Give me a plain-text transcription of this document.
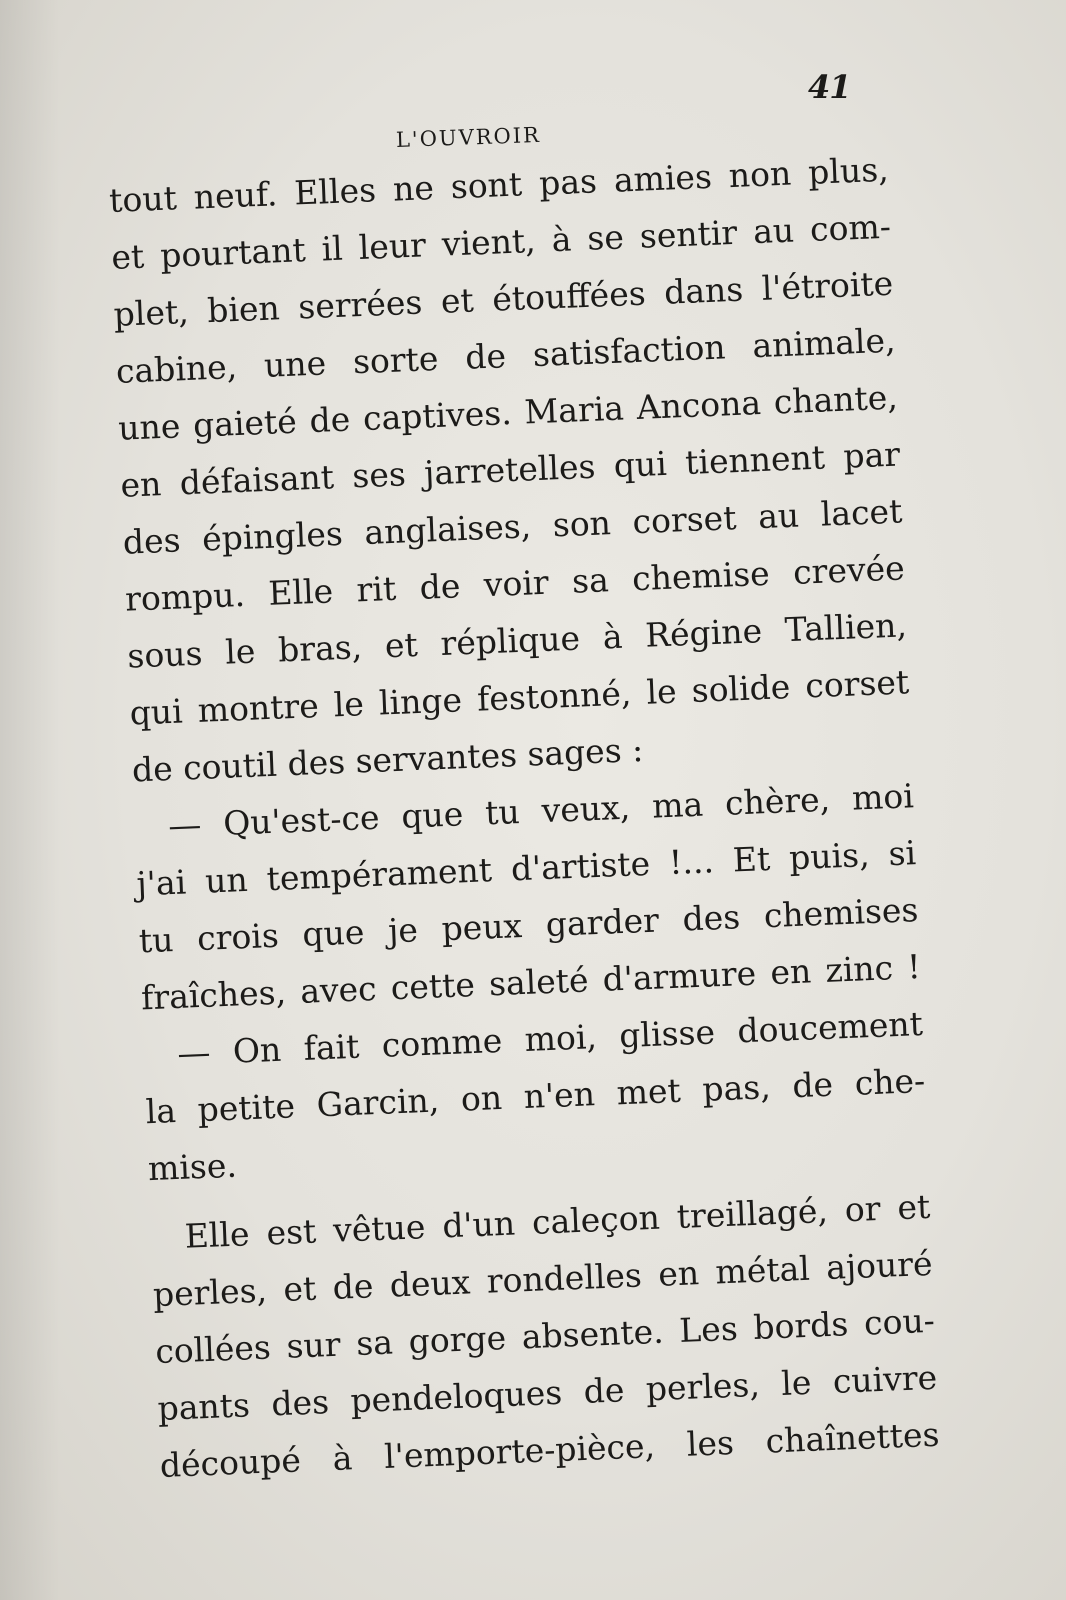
41
L'OUVROIR
tout neuf. Elles ne sont pas amies non plus,
et pourtant il leur vient, à se sentir au com-
plet, bien serrées et étouffées dans l'étroite
cabine, une sorte de satisfaction animale,
une gaieté de captives. Maria Ancona chante,
en défaisant ses jarretelles qui tiennent par
des épingles anglaises, son corset au lacet
rompu. Elle rit de voir sa chemise crevée
sous le bras, et réplique à Régine Tallien,
qui montre le linge festonné, le solide corset
de coutil des servantes sages :
— Qu'est-ce que tu veux, ma chère, moi
j'ai un tempérament d'artiste !... Et puis, si
tu crois que je peux garder des chemises
fraîches, avec cette saleté d'armure en zinc !
— On fait comme moi, glisse doucement
la petite Garcin, on n'en met pas, de che-
mise.
Elle est vêtue d'un caleçon treillagé, or et
perles, et de deux rondelles en métal ajouré
collées sur sa gorge absente. Les bords cou-
pants des pendeloques de perles, le cuivre
découpé à l'emporte-pièce, les chaînettes
